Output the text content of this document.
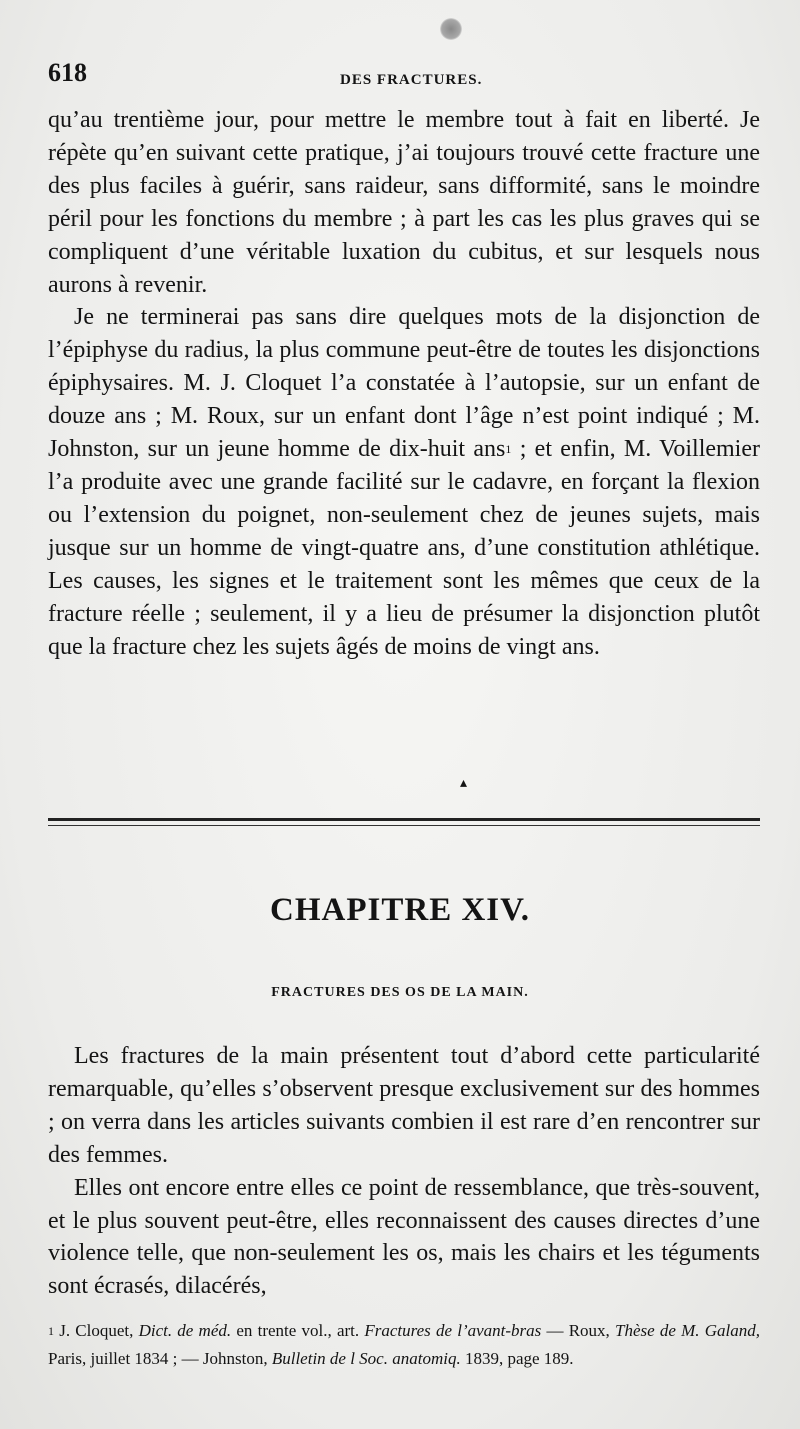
618	DES FRACTURES.

qu’au trentième jour, pour mettre le membre tout à fait en liberté. Je répète qu’en suivant cette pratique, j’ai toujours trouvé cette fracture une des plus faciles à guérir, sans raideur, sans difformité, sans le moindre péril pour les fonctions du membre ; à part les cas les plus graves qui se compliquent d’une véritable luxation du cubitus, et sur lesquels nous aurons à revenir.

Je ne terminerai pas sans dire quelques mots de la disjonction de l’épiphyse du radius, la plus commune peut-être de toutes les disjonctions épiphysaires. M. J. Cloquet l’a constatée à l’autopsie, sur un enfant de douze ans ; M. Roux, sur un enfant dont l’âge n’est point indiqué ; M. Johnston, sur un jeune homme de dix-huit ans$^1$ ; et enfin, M. Voillemier l’a produite avec une grande facilité sur le cadavre, en forçant la flexion ou l’extension du poignet, non-seulement chez de jeunes sujets, mais jusque sur un homme de vingt-quatre ans, d’une constitution athlétique. Les causes, les signes et le traitement sont les mêmes que ceux de la fracture réelle ; seulement, il y a lieu de présumer la disjonction plutôt que la fracture chez les sujets âgés de moins de vingt ans.

▴
CHAPITRE XIV.
FRACTURES DES OS DE LA MAIN.

Les fractures de la main présentent tout d’abord cette particularité remarquable, qu’elles s’observent presque exclusivement sur des hommes ; on verra dans les articles suivants combien il est rare d’en rencontrer sur des femmes.

Elles ont encore entre elles ce point de ressemblance, que très-souvent, et le plus souvent peut-être, elles reconnaissent des causes directes d’une violence telle, que non-seulement les os, mais les chairs et les téguments sont écrasés, dilacérés,

$^1$ J. Cloquet, Dict. de méd. en trente vol., art. Fractures de l’avant-bras — Roux, Thèse de M. Galand, Paris, juillet 1834 ; — Johnston, Bulletin de l Soc. anatomiq. 1839, page 189.
